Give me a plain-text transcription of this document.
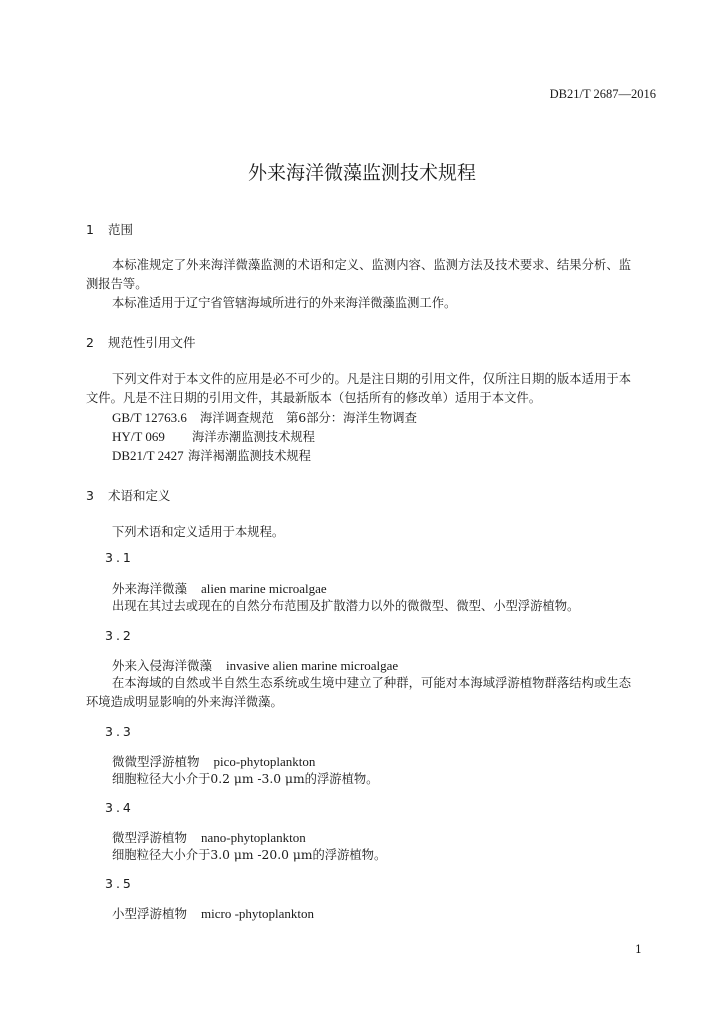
DB21/T 2687—2016
外来海洋微藻监测技术规程
1 范围
本标准规定了外来海洋微藻监测的术语和定义、监测内容、监测方法及技术要求、结果分析、监测报告等。
本标准适用于辽宁省管辖海域所进行的外来海洋微藻监测工作。
2 规范性引用文件
下列文件对于本文件的应用是必不可少的。凡是注日期的引用文件，仅所注日期的版本适用于本文件。凡是不注日期的引用文件，其最新版本（包括所有的修改单）适用于本文件。
GB/T 12763.6 海洋调查规范　第6部分：海洋生物调查
HY/T 069 海洋赤潮监测技术规程
DB21/T 2427 海洋褐潮监测技术规程
3 术语和定义
下列术语和定义适用于本规程。
3.1
外来海洋微藻 alien marine microalgae
出现在其过去或现在的自然分布范围及扩散潜力以外的微微型、微型、小型浮游植物。
3.2
外来入侵海洋微藻 invasive alien marine microalgae
在本海域的自然或半自然生态系统或生境中建立了种群，可能对本海域浮游植物群落结构或生态环境造成明显影响的外来海洋微藻。
3.3
微微型浮游植物 pico-phytoplankton
细胞粒径大小介于0.2 μm -3.0 μm的浮游植物。
3.4
微型浮游植物 nano-phytoplankton
细胞粒径大小介于3.0 μm -20.0 μm的浮游植物。
3.5
小型浮游植物 micro -phytoplankton
1
